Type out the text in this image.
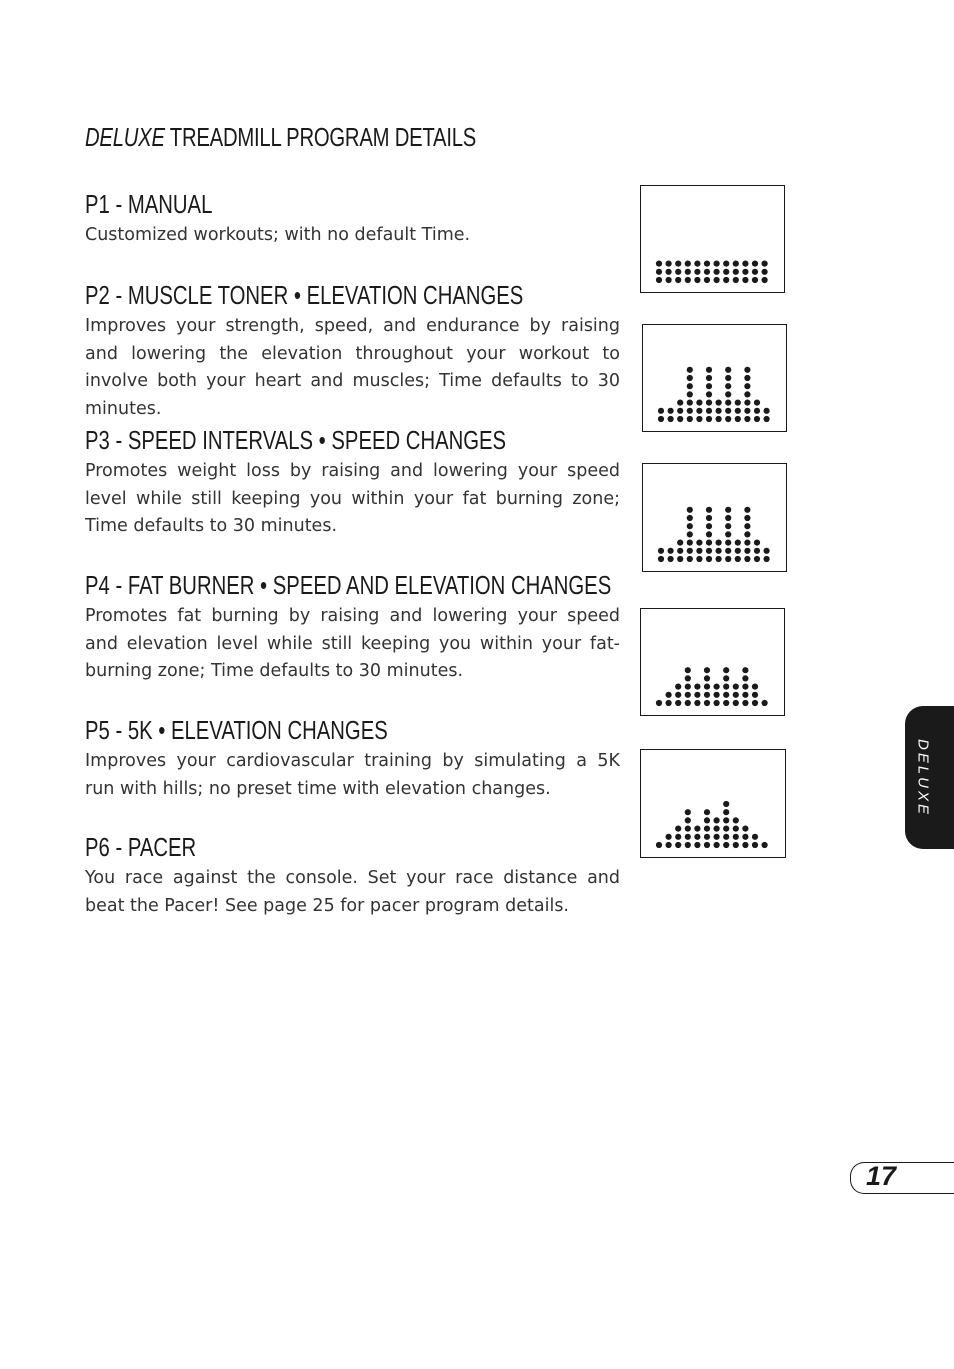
DELUXE TREADMILL PROGRAM DETAILS
P1 - MANUAL

Customized workouts; with no default Time.

P2 - MUSCLE TONER • ELEVATION CHANGES

Improves your strength, speed, and endurance by raising and lowering the elevation throughout your workout to involve both your heart and muscles; Time defaults to 30 minutes.

P3 - SPEED INTERVALS • SPEED CHANGES

Promotes weight loss by raising and lowering your speed level while still keeping you within your fat burning zone; Time defaults to 30 minutes.

P4 - FAT BURNER • SPEED AND ELEVATION CHANGES

Promotes fat burning by raising and lowering your speed and elevation level while still keeping you within your fat-burning zone; Time defaults to 30 minutes.

P5 - 5K • ELEVATION CHANGES

Improves your cardiovascular training by simulating a 5K run with hills; no preset time with elevation changes.

P6 - PACER

You race against the console. Set your race distance and beat the Pacer! See page 25 for pacer program details.

DELUXE
17
